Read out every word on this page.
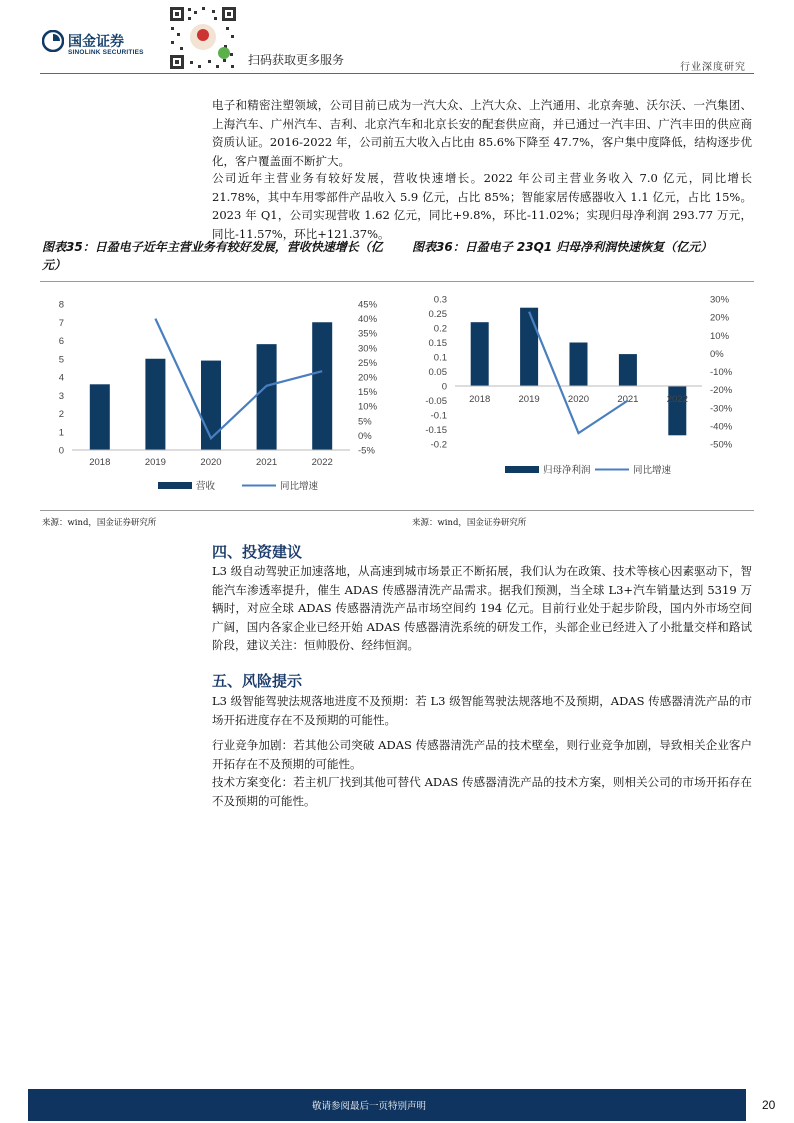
国金证券
SINOLINK SECURITIES
扫码获取更多服务
行业深度研究

电子和精密注塑领域，公司目前已成为一汽大众、上汽大众、上汽通用、北京奔驰、沃尔沃、一汽集团、上海汽车、广州汽车、吉利、北京汽车和北京长安的配套供应商，并已通过一汽丰田、广汽丰田的供应商资质认证。2016-2022 年，公司前五大收入占比由 85.6%下降至 47.7%，客户集中度降低，结构逐步优化，客户覆盖面不断扩大。

公司近年主营业务有较好发展，营收快速增长。2022 年公司主营业务收入 7.0 亿元，同比增长 21.78%，其中车用零部件产品收入 5.9 亿元，占比 85%；智能家居传感器收入 1.1 亿元，占比 15%。2023 年 Q1，公司实现营收 1.62 亿元，同比+9.8%，环比-11.02%；实现归母净利润 293.77 万元，同比-11.57%，环比+121.37%。

图表35：日盈电子近年主营业务有较好发展，营收快速增长（亿元）
图表36：日盈电子 23Q1 归母净利润快速恢复（亿元）
0
1
2
3
4
5
6
7
8
-5%
0%
5%
10%
15%
20%
25%
30%
35%
40%
45%
2018	2019	2020	2021	2022
营收	同比增速
-0.2
-0.15
-0.1
-0.05
0
0.05
0.1
0.15
0.2
0.25
0.3
-50%
-40%
-30%
-20%
-10%
0%
10%
20%
30%
2018	2019	2020	2021	2022
归母净利润	同比增速
来源：wind，国金证券研究所	来源：wind，国金证券研究所
四、投资建议

L3 级自动驾驶正加速落地，从高速到城市场景正不断拓展，我们认为在政策、技术等核心因素驱动下，智能汽车渗透率提升，催生 ADAS 传感器清洗产品需求。据我们预测，当全球 L3+汽车销量达到 5319 万辆时，对应全球 ADAS 传感器清洗产品市场空间约 194 亿元。目前行业处于起步阶段，国内外市场空间广阔，国内各家企业已经开始 ADAS 传感器清洗系统的研发工作，头部企业已经进入了小批量交样和路试阶段，建议关注：恒帅股份、经纬恒润。

五、风险提示

L3 级智能驾驶法规落地进度不及预期：若 L3 级智能驾驶法规落地不及预期，ADAS 传感器清洗产品的市场开拓进度存在不及预期的可能性。

行业竞争加剧：若其他公司突破 ADAS 传感器清洗产品的技术壁垒，则行业竞争加剧，导致相关企业客户开拓存在不及预期的可能性。

技术方案变化：若主机厂找到其他可替代 ADAS 传感器清洗产品的技术方案，则相关公司的市场开拓存在不及预期的可能性。

敬请参阅最后一页特别声明	20
